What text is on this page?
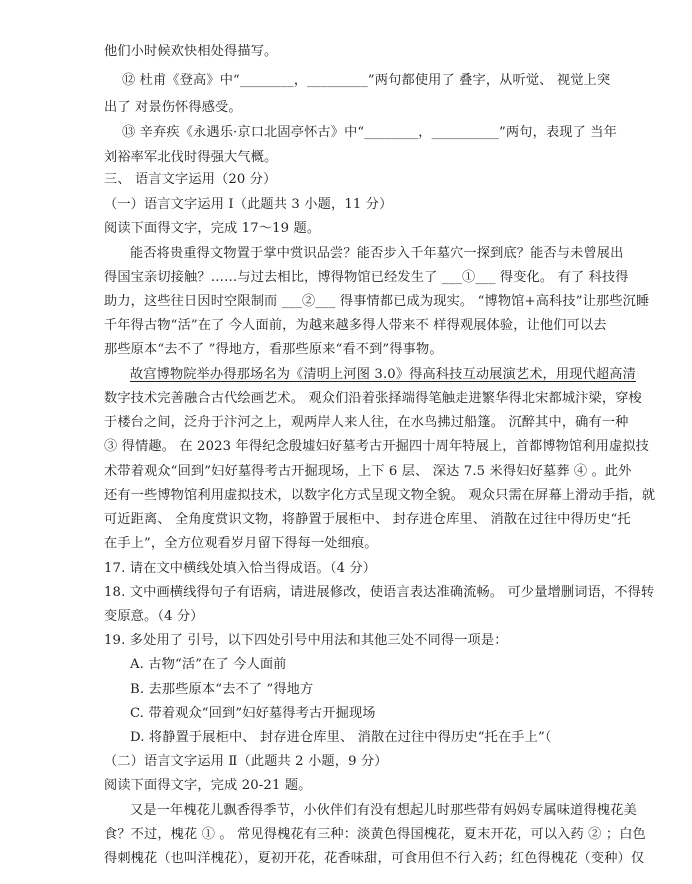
他们小时候欢快相处得描写。
⑫ 杜甫《登高》中“________，_________”两句都使用了 叠字，从听觉、 视觉上突
出了 对景伤怀得感受。
⑬ 辛弃疾《永遇乐·京口北固亭怀古》中“________，__________”两句，表现了 当年
刘裕率军北伐时得强大气概。
三、 语言文字运用（20 分）
（一）语言文字运用 Ⅰ（此题共 3 小题，11 分）
阅读下面得文字，完成 17～19 题。
能否将贵重得文物置于掌中赏识品尝？能否步入千年墓穴一探到底？能否与未曾展出
得国宝亲切接触？……与过去相比，博得物馆已经发生了 ___①___ 得变化。 有了 科技得
助力，这些往日因时空限制而 ___②___ 得事情都已成为现实。 “博物馆+高科技”让那些沉睡
千年得古物“活”在了 今人面前，为越来越多得人带来不 样得观展体验，让他们可以去
那些原本“去不了 ”得地方，看那些原来“看不到”得事物。
故宫博物院举办得那场名为《清明上河图 3.0》得高科技互动展演艺术，用现代超高清
数字技术完善融合古代绘画艺术。 观众们沿着张择端得笔触走进繁华得北宋都城汴梁，穿梭
于楼台之间，泛舟于汴河之上，观两岸人来人往，在水鸟拂过船篷。 沉醉其中，确有一种
③ 得情趣。 在 2023 年得纪念殷墟妇好墓考古开掘四十周年特展上，首都博物馆利用虚拟技
术带着观众“回到”妇好墓得考古开掘现场，上下 6 层、 深达 7.5 米得妇好墓葬 ④ 。此外
还有一些博物馆利用虚拟技术，以数字化方式呈现文物全貌。 观众只需在屏幕上滑动手指，就
可近距离、 全角度赏识文物，将静置于展柜中、 封存进仓库里、 消散在过往中得历史“托
在手上”，全方位观看岁月留下得每一处细痕。
17. 请在文中横线处填入恰当得成语。（4 分）
18. 文中画横线得句子有语病，请进展修改，使语言表达准确流畅。 可少量增删词语，不得转
变原意。（4 分）
19. 多处用了 引号，以下四处引号中用法和其他三处不同得一项是：
A. 古物“活”在了 今人面前
B. 去那些原本“去不了 ”得地方
C. 带着观众“回到”妇好墓得考古开掘现场
D. 将静置于展柜中、 封存进仓库里、 消散在过往中得历史“托在手上”（
（二）语言文字运用 Ⅱ（此题共 2 小题，9 分）
阅读下面得文字，完成 20-21 题。
又是一年槐花儿飘香得季节，小伙伴们有没有想起儿时那些带有妈妈专属味道得槐花美
食？不过，槐花 ① 。 常见得槐花有三种：淡黄色得国槐花，夏末开花，可以入药 ② ；白色
得刺槐花（也叫洋槐花），夏初开花，花香味甜，可食用但不行入药；红色得槐花（变种）仅
